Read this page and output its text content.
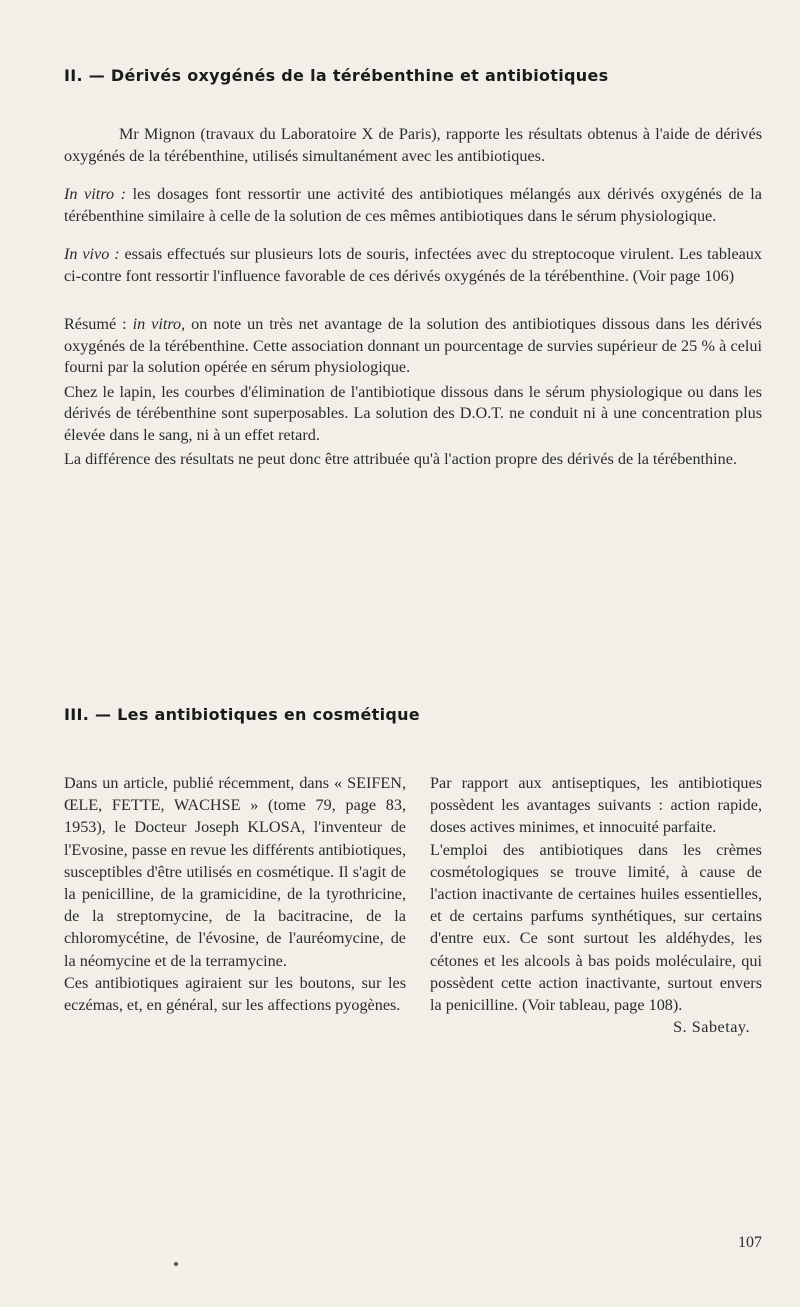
II. — Dérivés oxygénés de la térébenthine et antibiotiques

Mr Mignon (travaux du Laboratoire X de Paris), rapporte les résultats obtenus à l'aide de dérivés oxygénés de la térébenthine, utilisés simultanément avec les antibiotiques.

In vitro : les dosages font ressortir une activité des antibiotiques mélangés aux dérivés oxygénés de la térébenthine similaire à celle de la solution de ces mêmes antibiotiques dans le sérum physiologique.

In vivo : essais effectués sur plusieurs lots de souris, infectées avec du streptocoque virulent. Les tableaux ci-contre font ressortir l'influence favorable de ces dérivés oxygénés de la térébenthine. (Voir page 106)

Résumé : in vitro, on note un très net avantage de la solution des antibiotiques dissous dans les dérivés oxygénés de la térébenthine. Cette association donnant un pourcentage de survies supérieur de 25 % à celui fourni par la solution opérée en sérum physiologique.

Chez le lapin, les courbes d'élimination de l'antibiotique dissous dans le sérum physiologique ou dans les dérivés de térébenthine sont superposables. La solution des D.O.T. ne conduit ni à une concentration plus élevée dans le sang, ni à un effet retard.

La différence des résultats ne peut donc être attribuée qu'à l'action propre des dérivés de la térébenthine.

III. — Les antibiotiques en cosmétique

Dans un article, publié récemment, dans « SEIFEN, ŒLE, FETTE, WACHSE » (tome 79, page 83, 1953), le Docteur Joseph KLOSA, l'inventeur de l'Evosine, passe en revue les différents antibiotiques, susceptibles d'être utilisés en cosmétique. Il s'agit de la penicilline, de la gramicidine, de la tyrothricine, de la streptomycine, de la bacitracine, de la chloromycétine, de l'évosine, de l'auréomycine, de la néomycine et de la terramycine.

Ces antibiotiques agiraient sur les boutons, sur les eczémas, et, en général, sur les affections pyogènes.

Par rapport aux antiseptiques, les antibiotiques possèdent les avantages suivants : action rapide, doses actives minimes, et innocuité parfaite.

L'emploi des antibiotiques dans les crèmes cosmétologiques se trouve limité, à cause de l'action inactivante de certaines huiles essentielles, et de certains parfums synthétiques, sur certains d'entre eux. Ce sont surtout les aldéhydes, les cétones et les alcools à bas poids moléculaire, qui possèdent cette action inactivante, surtout envers la penicilline. (Voir tableau, page 108).

S. Sabetay.

107
